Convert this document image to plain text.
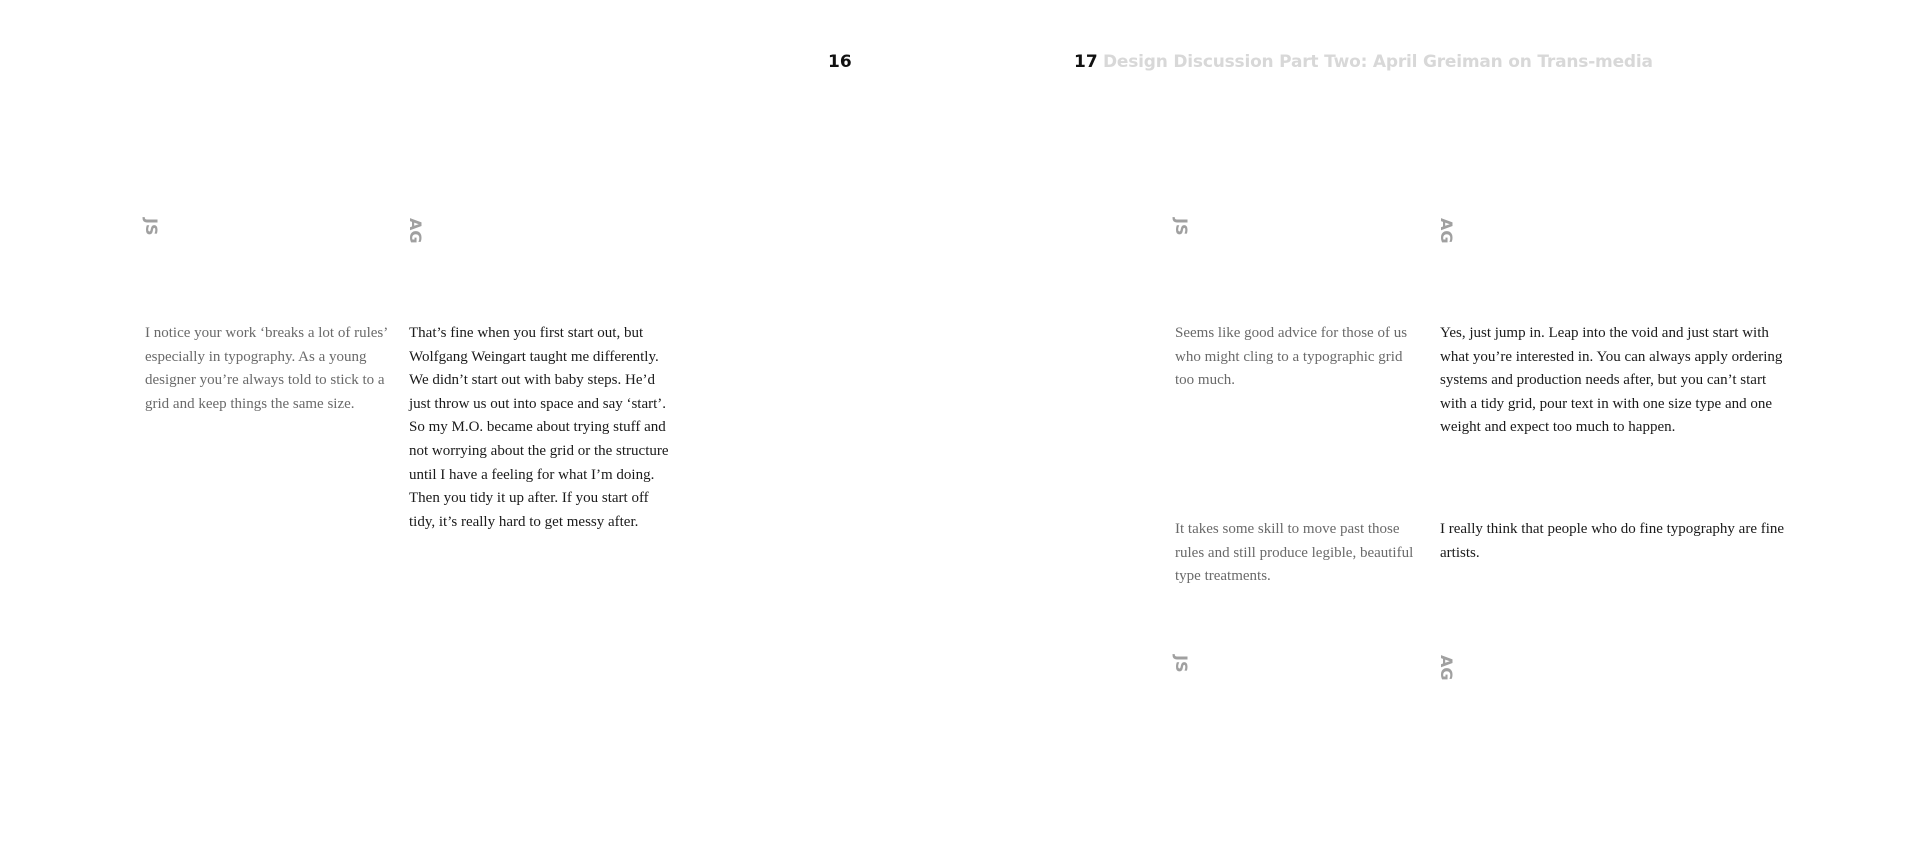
16	17 Design Discussion Part Two: April Greiman on Trans-media
JS	AG

I notice your work ‘breaks a lot of rules’ especially in typography. As a young designer you’re always told to stick to a grid and keep things the same size.

That’s fine when you first start out, but Wolfgang Weingart taught me differently. We didn’t start out with baby steps. He’d just throw us out into space and say ‘start’. So my M.O. became about trying stuff and not worrying about the grid or the structure until I have a feeling for what I’m doing. Then you tidy it up after. If you start off tidy, it’s really hard to get messy after.

JS	AG

Seems like good advice for those of us who might cling to a typographic grid too much.

Yes, just jump in. Leap into the void and just start with what you’re interested in. You can always apply ordering systems and production needs after, but you can’t start with a tidy grid, pour text in with one size type and one weight and expect too much to happen.

It takes some skill to move past those rules and still produce legible, beautiful type treatments.

I really think that people who do fine typography are fine artists.

JS	AG
